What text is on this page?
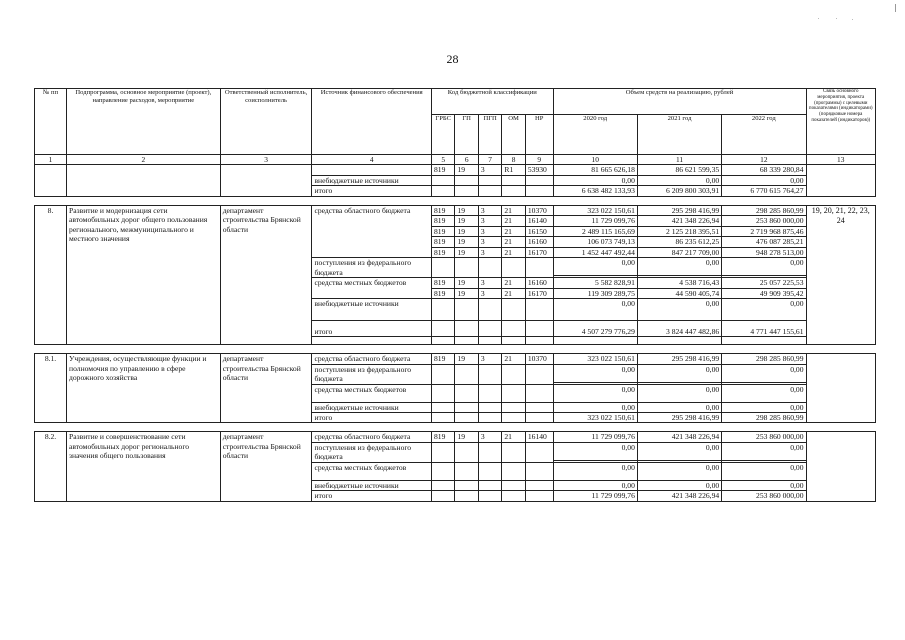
28
№ пп	Подпрограмма, основное мероприятие (проект), направление расходов, мероприятие	Ответственный исполнитель, соисполнитель	Источник финансового обеспечения	Код бюджетной классификации					Объем средств на реализацию, рублей			Связь основного мероприятия, проекта (программы) с целевыми показателями (индикаторами) (порядковые номера показателей (индикаторов))
				ГРБС	ГП	ПГП	ОМ	НР	2020 год	2021 год	2022 год	
1	2	3	4	5	6	7	8	9	10	11	12	13
				819	19	3	R1	53930	81 665 626,18	86 621 599,35	68 339 280,84	
			внебюджетные источники						0,00	0,00	0,00	
			итого						6 638 482 133,93	6 209 800 303,91	6 770 615 764,27	

8.	Развитие и модернизация сети автомобильных дорог общего пользования регионального, межмуниципального и местного значения	департамент строительства Брянской области	средства областного бюджета	819	19	3	21	10370	323 022 150,61	295 298 416,99	298 285 860,99	19, 20, 21, 22, 23, 24
				819	19	3	21	16140	11 729 099,76	421 348 226,94	253 860 000,00	
				819	19	3	21	16150	2 489 115 165,69	2 125 218 395,51	2 719 968 875,46	
				819	19	3	21	16160	106 073 749,13	86 235 612,25	476 087 285,21	
				819	19	3	21	16170	1 452 447 492,44	847 217 709,00	948 278 513,00	
			поступления из федерального бюджета						0,00	0,00	0,00	

			средства местных бюджетов	819	19	3	21	16160	5 582 828,91	4 538 716,43	25 057 225,53	
				819	19	3	21	16170	119 309 289,75	44 590 405,74	49 909 395,42	
			внебюджетные источники						0,00	0,00	0,00	
			итого						4 507 279 776,29	3 824 447 482,86	4 771 447 155,61	

8.1.	Учреждения, осуществляющие функции и полномочия по управлению в сфере дорожного хозяйства	департамент строительства Брянской области	средства областного бюджета	819	19	3	21	10370	323 022 150,61	295 298 416,99	298 285 860,99	
			поступления из федерального бюджета						0,00	0,00	0,00	

			средства местных бюджетов						0,00	0,00	0,00	
			внебюджетные источники						0,00	0,00	0,00	
			итого						323 022 150,61	295 298 416,99	298 285 860,99	

8.2.	Развитие и совершенствование сети автомобильных дорог регионального значения общего пользования	департамент строительства Брянской области	средства областного бюджета	819	19	3	21	16140	11 729 099,76	421 348 226,94	253 860 000,00	
			поступления из федерального бюджета						0,00	0,00	0,00	

			средства местных бюджетов						0,00	0,00	0,00	
			внебюджетные источники						0,00	0,00	0,00	
			итого						11 729 099,76	421 348 226,94	253 860 000,00	
